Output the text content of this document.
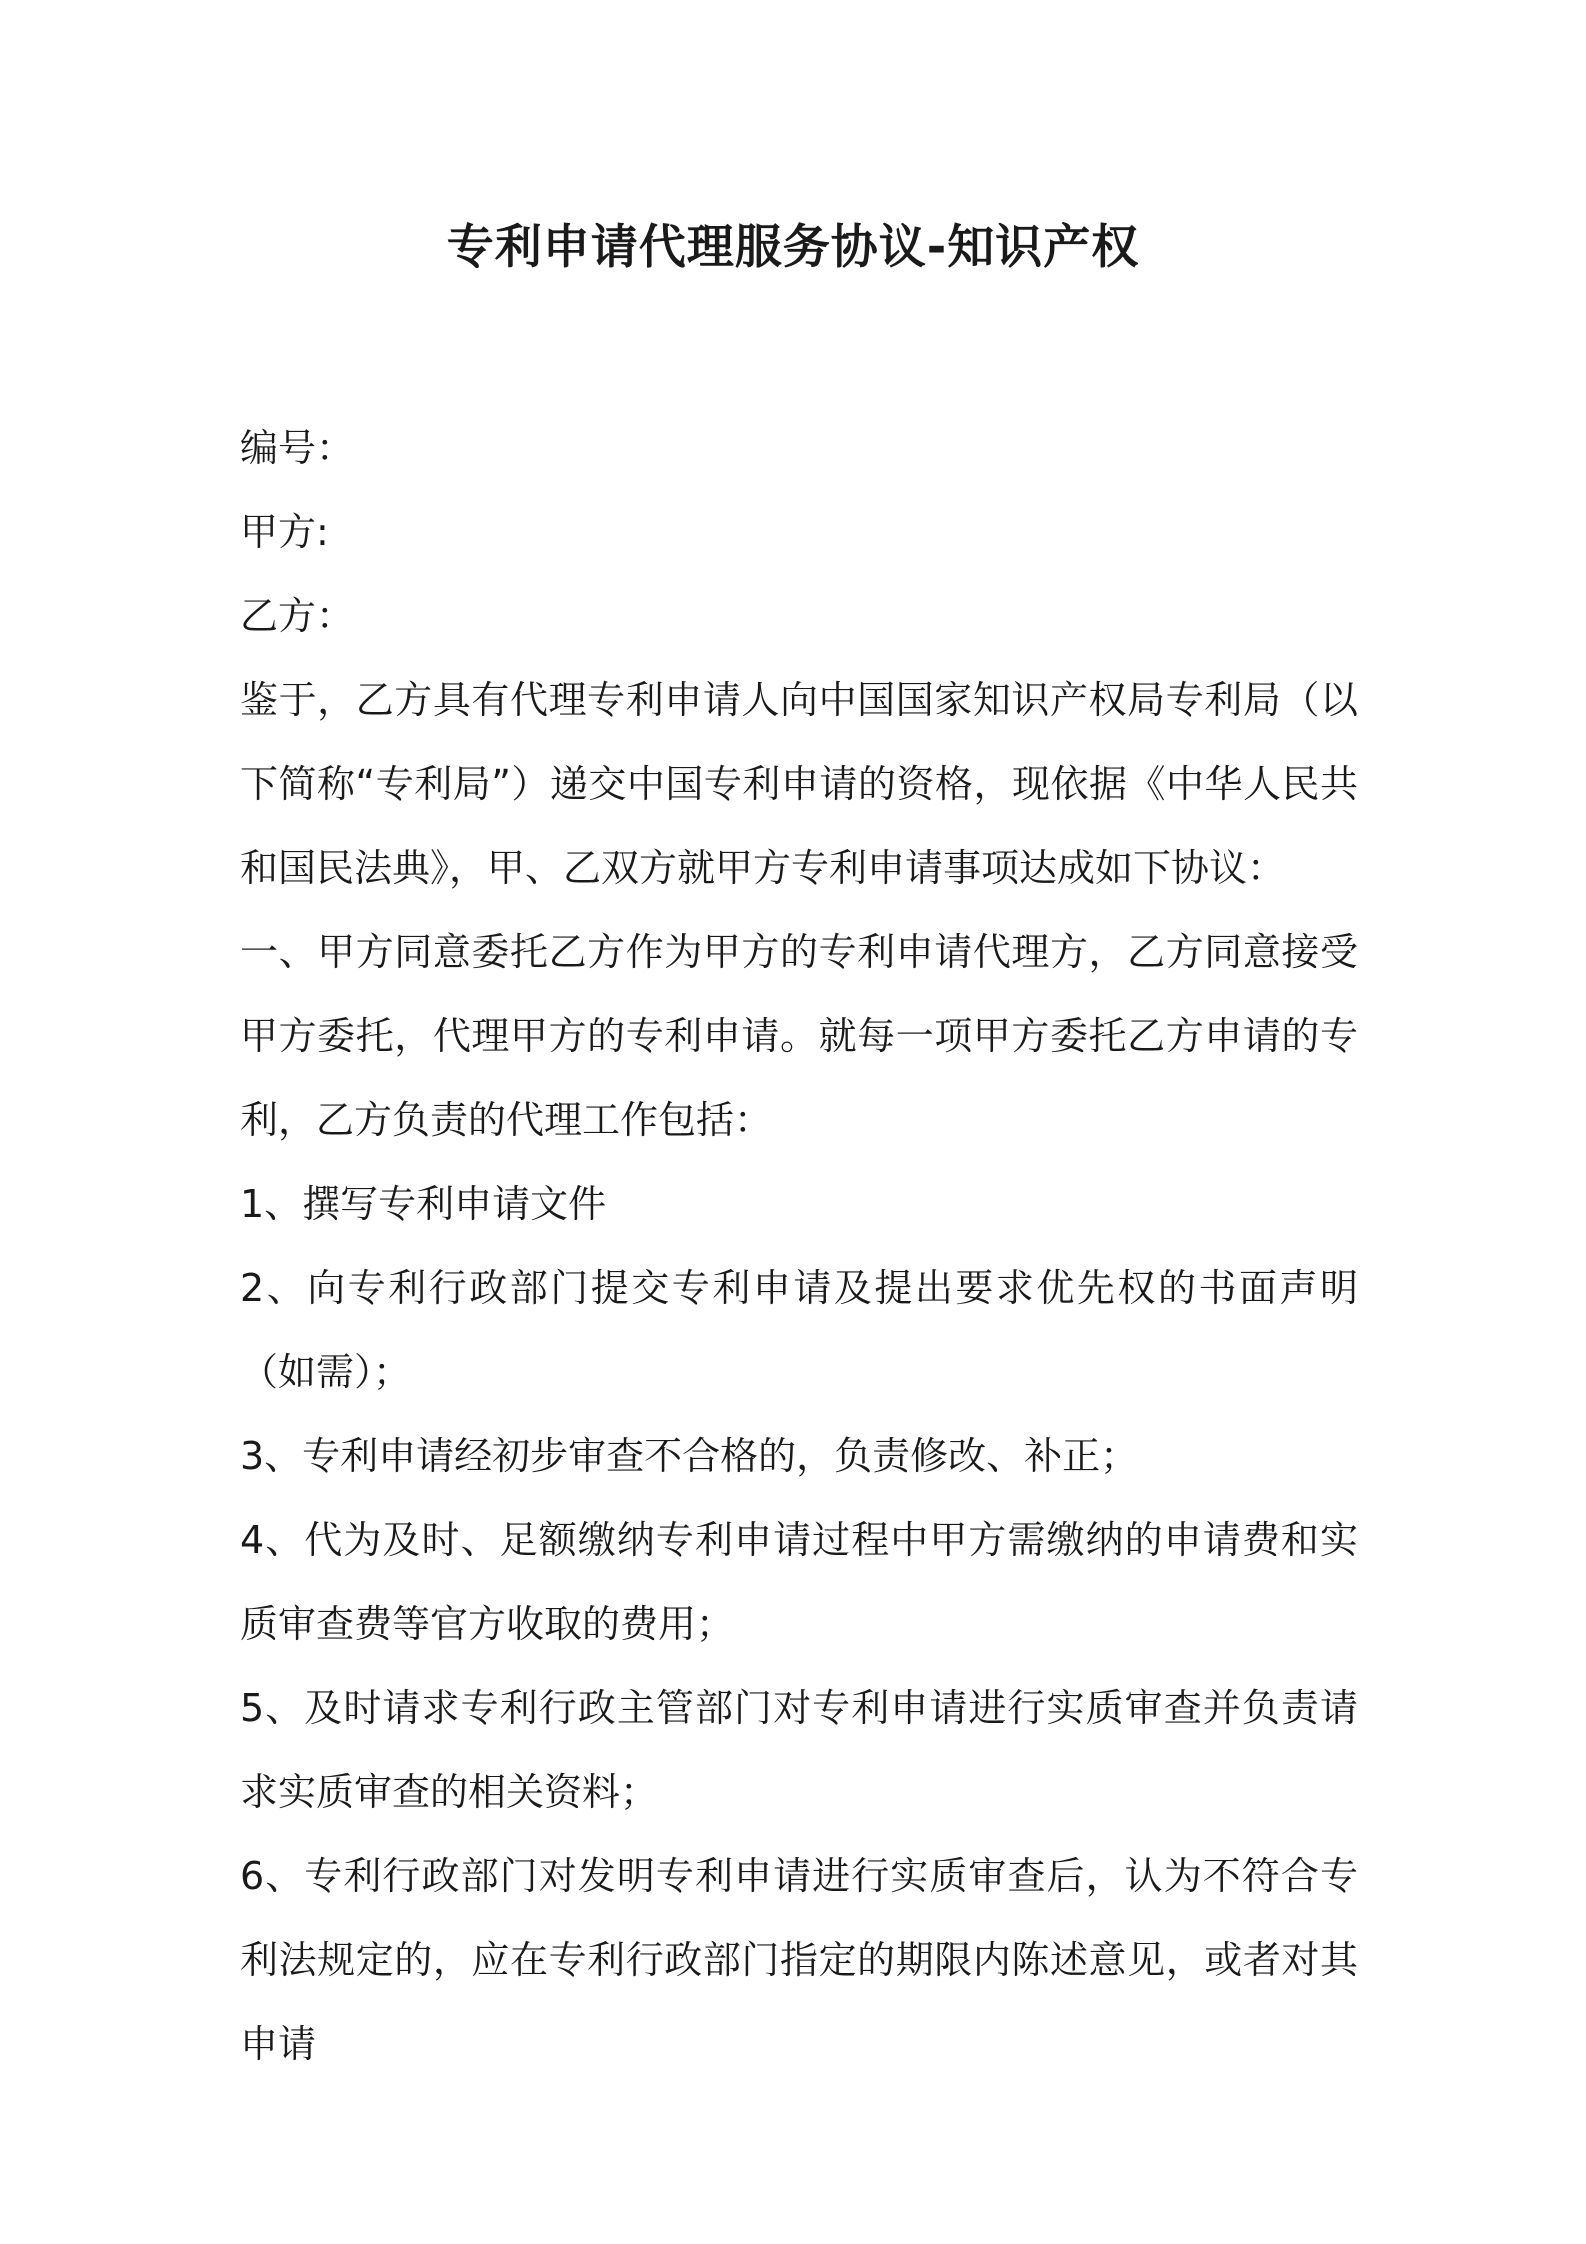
专利申请代理服务协议-知识产权

编号：

甲方:

乙方：

鉴于，乙方具有代理专利申请人向中国国家知识产权局专利局（以下简称“专利局”）递交中国专利申请的资格，现依据《中华人民共和国民法典》，甲、乙双方就甲方专利申请事项达成如下协议：

一、甲方同意委托乙方作为甲方的专利申请代理方，乙方同意接受甲方委托，代理甲方的专利申请。就每一项甲方委托乙方申请的专利，乙方负责的代理工作包括：

1、撰写专利申请文件

2、向专利行政部门提交专利申请及提出要求优先权的书面声明（如需）；

3、专利申请经初步审查不合格的，负责修改、补正；

4、代为及时、足额缴纳专利申请过程中甲方需缴纳的申请费和实质审查费等官方收取的费用；

5、及时请求专利行政主管部门对专利申请进行实质审查并负责请求实质审查的相关资料；

6、专利行政部门对发明专利申请进行实质审查后，认为不符合专利法规定的，应在专利行政部门指定的期限内陈述意见，或者对其申请
